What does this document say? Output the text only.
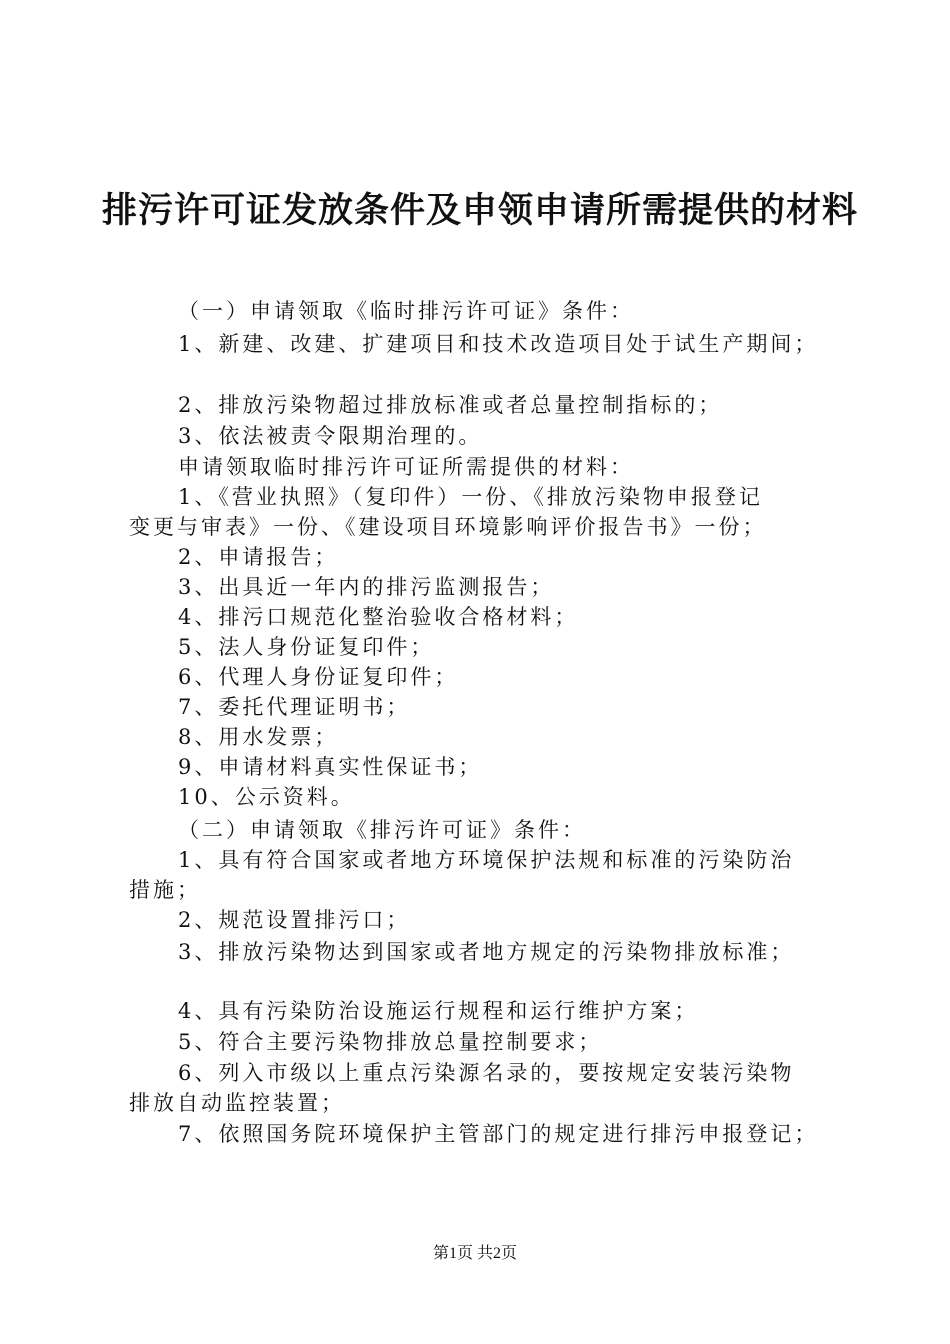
排污许可证发放条件及申领申请所需提供的材料

（一）申请领取《临时排污许可证》条件：

1、新建、改建、扩建项目和技术改造项目处于试生产期间；

2、排放污染物超过排放标准或者总量控制指标的；

3、依法被责令限期治理的。

申请领取临时排污许可证所需提供的材料：

1、《营业执照》（复印件）一份、《排放污染物申报登记

变更与审表》一份、《建设项目环境影响评价报告书》一份；

2、申请报告；

3、出具近一年内的排污监测报告；

4、排污口规范化整治验收合格材料；

5、法人身份证复印件；

6、代理人身份证复印件；

7、委托代理证明书；

8、用水发票；

9、申请材料真实性保证书；

10、公示资料。

（二）申请领取《排污许可证》条件：

1、具有符合国家或者地方环境保护法规和标准的污染防治

措施；

2、规范设置排污口；

3、排放污染物达到国家或者地方规定的污染物排放标准；

4、具有污染防治设施运行规程和运行维护方案；

5、符合主要污染物排放总量控制要求；

6、列入市级以上重点污染源名录的，要按规定安装污染物

排放自动监控装置；

7、依照国务院环境保护主管部门的规定进行排污申报登记；

第1页 共2页
